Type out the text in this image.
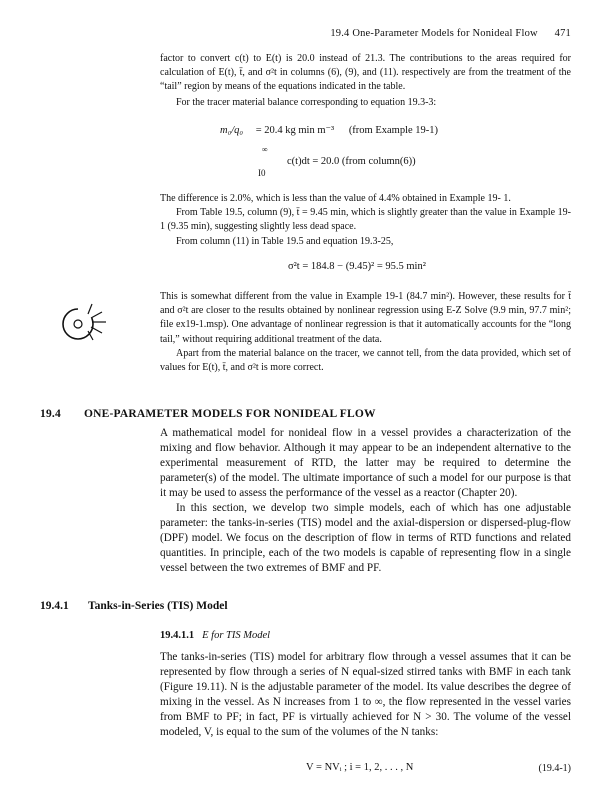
19.4 One-Parameter Models for Nonideal Flow 471

factor to convert c(t) to E(t) is 20.0 instead of 21.3. The contributions to the areas required for calculation of E(t), t̄, and σ²t in columns (6), (9), and (11). respectively are from the treatment of the “tail” region by means of the equations indicated in the table.

For the tracer material balance corresponding to equation 19.3-3:

m₀/q₀ = 20.4 kg min m⁻³ (from Example 19-1)
∞
c(t)dt = 20.0 (from column(6))
I0

The difference is 2.0%, which is less than the value of 4.4% obtained in Example 19- 1.

From Table 19.5, column (9), t̄ = 9.45 min, which is slightly greater than the value in Example 19-1 (9.35 min), suggesting slightly less dead space.

From column (11) in Table 19.5 and equation 19.3-25,

σ²t = 184.8 − (9.45)² = 95.5 min²

This is somewhat different from the value in Example 19-1 (84.7 min²). However, these results for t̄ and σ²t are closer to the results obtained by nonlinear regression using E-Z Solve (9.9 min, 97.7 min²; file ex19-1.msp). One advantage of nonlinear regression is that it automatically accounts for the “long tail,” without requiring additional treatment of the data.

Apart from the material balance on the tracer, we cannot tell, from the data provided, which set of values for E(t), t̄, and σ²t is more correct.

19.4 ONE-PARAMETER MODELS FOR NONIDEAL FLOW

A mathematical model for nonideal flow in a vessel provides a characterization of the mixing and flow behavior. Although it may appear to be an independent alternative to the experimental measurement of RTD, the latter may be required to determine the parameter(s) of the model. The ultimate importance of such a model for our purpose is that it may be used to assess the performance of the vessel as a reactor (Chapter 20).

In this section, we develop two simple models, each of which has one adjustable parameter: the tanks-in-series (TIS) model and the axial-dispersion or dispersed-plug-flow (DPF) model. We focus on the description of flow in terms of RTD functions and related quantities. In principle, each of the two models is capable of representing flow in a single vessel between the two extremes of BMF and PF.

19.4.1 Tanks-in-Series (TIS) Model
19.4.1.1 E for TIS Model

The tanks-in-series (TIS) model for arbitrary flow through a vessel assumes that it can be represented by flow through a series of N equal-sized stirred tanks with BMF in each tank (Figure 19.11). N is the adjustable parameter of the model. Its value describes the degree of mixing in the vessel. As N increases from 1 to ∞, the flow represented in the vessel varies from BMF to PF; in fact, PF is virtually achieved for N > 30. The volume of the vessel modeled, V, is equal to the sum of the volumes of the N tanks:

V = NVᵢ ; i = 1, 2, . . . , N	(19.4-1)
